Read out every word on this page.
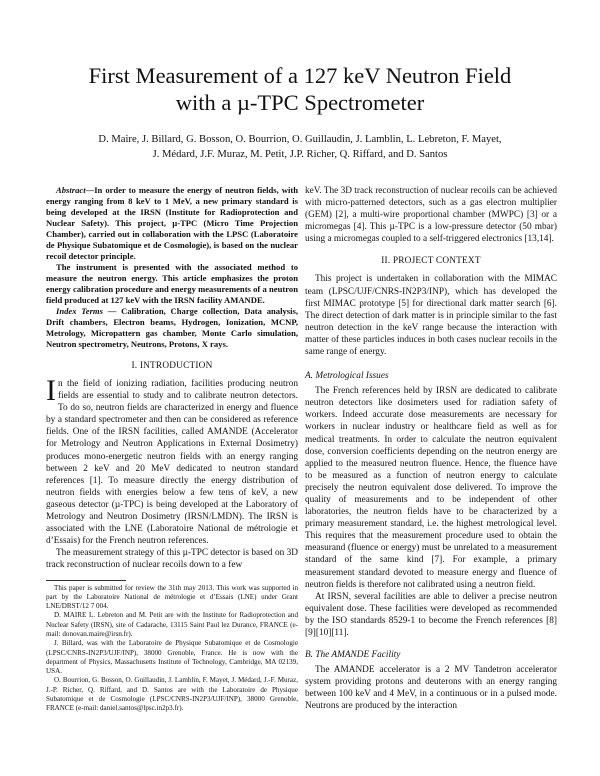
First Measurement of a 127 keV Neutron Field
with a µ-TPC Spectrometer
D. Maire, J. Billard, G. Bosson, O. Bourrion, O. Guillaudin, J. Lamblin, L. Lebreton, F. Mayet,
J. Médard, J.F. Muraz, M. Petit, J.P. Richer, Q. Riffard, and D. Santos

Abstract—In order to measure the energy of neutron fields, with energy ranging from 8 keV to 1 MeV, a new primary standard is being developed at the IRSN (Institute for Radioprotection and Nuclear Safety). This project, µ-TPC (Micro Time Projection Chamber), carried out in collaboration with the LPSC (Laboratoire de Physique Subatomique et de Cosmologie), is based on the nuclear recoil detector principle.

The instrument is presented with the associated method to measure the neutron energy. This article emphasizes the proton energy calibration procedure and energy measurements of a neutron field produced at 127 keV with the IRSN facility AMANDE.

Index Terms — Calibration, Charge collection, Data analysis, Drift chambers, Electron beams, Hydrogen, Ionization, MCNP, Metrology, Micropattern gas chamber, Monte Carlo simulation, Neutron spectrometry, Neutrons, Protons, X rays.

I. INTRODUCTION

In the field of ionizing radiation, facilities producing neutron fields are essential to study and to calibrate neutron detectors. To do so, neutron fields are characterized in energy and fluence by a standard spectrometer and then can be considered as reference fields. One of the IRSN facilities, called AMANDE (Accelerator for Metrology and Neutron Applications in External Dosimetry) produces mono-energetic neutron fields with an energy ranging between 2 keV and 20 MeV dedicated to neutron standard references [1]. To measure directly the energy distribution of neutron fields with energies below a few tens of keV, a new gaseous detector (µ-TPC) is being developed at the Laboratory of Metrology and Neutron Dosimetry (IRSN/LMDN). The IRSN is associated with the LNE (Laboratoire National de métrologie et d’Essais) for the French neutron references.

The measurement strategy of this µ-TPC detector is based on 3D track reconstruction of nuclear recoils down to a few

This paper is submitted for review the 31th may 2013. This work was supported in part by the Laboratoire National de métrologie et d’Essais (LNE) under Grant LNE/DRST/12 7 004.

D. MAIRE L. Lebreton and M. Petit are with the Institute for Radioprotection and Nuclear Safety (IRSN), site of Cadarache, 13115 Saint Paul lez Durance, FRANCE (e-mail: donovan.maire@irsn.fr).

J. Billard, was with the Laboratoire de Physique Subatomique et de Cosmologie (LPSC/CNRS-IN2P3/UJF/INP), 38000 Grenoble, France. He is now with the department of Physics, Massachusetts Institute of Technology, Cambridge, MA 02139, USA.

O. Bourrion, G. Bosson, O. Guillaudin, J. Lamblin, F. Mayet, J. Médard, J.-F. Muraz, J.-P. Richer, Q. Riffard, and D. Santos are with the Laboratoire de Physique Subatomique et de Cosmologie (LPSC/CNRS-IN2P3/UJF/INP), 38000 Grenoble, FRANCE (e-mail: daniel.santos@lpsc.in2p3.fr).

keV. The 3D track reconstruction of nuclear recoils can be achieved with micro-patterned detectors, such as a gas electron multiplier (GEM) [2], a multi-wire proportional chamber (MWPC) [3] or a micromegas [4]. This µ-TPC is a low-pressure detector (50 mbar) using a micromegas coupled to a self-triggered electronics [13,14].

II. PROJECT CONTEXT

This project is undertaken in collaboration with the MIMAC team (LPSC/UJF/CNRS-IN2P3/INP), which has developed the first MIMAC prototype [5] for directional dark matter search [6]. The direct detection of dark matter is in principle similar to the fast neutron detection in the keV range because the interaction with matter of these particles induces in both cases nuclear recoils in the same range of energy.

A. Metrological Issues

The French references held by IRSN are dedicated to calibrate neutron detectors like dosimeters used for radiation safety of workers. Indeed accurate dose measurements are necessary for workers in nuclear industry or healthcare field as well as for medical treatments. In order to calculate the neutron equivalent dose, conversion coefficients depending on the neutron energy are applied to the measured neutron fluence. Hence, the fluence have to be measured as a function of neutron energy to calculate precisely the neutron equivalent dose delivered. To improve the quality of measurements and to be independent of other laboratories, the neutron fields have to be characterized by a primary measurement standard, i.e. the highest metrological level. This requires that the measurement procedure used to obtain the measurand (fluence or energy) must be unrelated to a measurement standard of the same kind [7]. For example, a primary measurement standard devoted to measure energy and fluence of neutron fields is therefore not calibrated using a neutron field.

At IRSN, several facilities are able to deliver a precise neutron equivalent dose. These facilities were developed as recommended by the ISO standards 8529-1 to become the French references [8][9][10][11].

B. The AMANDE Facility

The AMANDE accelerator is a 2 MV Tandetron accelerator system providing protons and deuterons with an energy ranging between 100 keV and 4 MeV, in a continuous or in a pulsed mode. Neutrons are produced by the interaction
